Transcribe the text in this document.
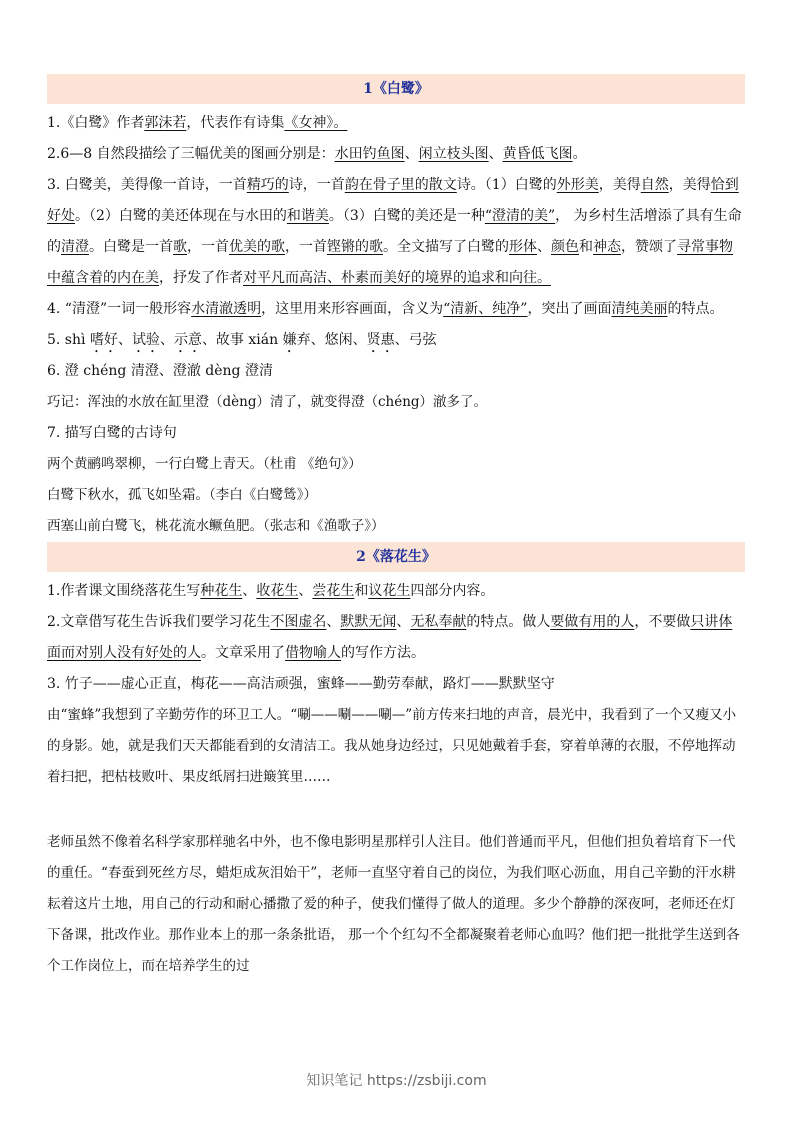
1《白鹭》

1.《白鹭》作者郭沫若，代表作有诗集《女神》。

2.6—8 自然段描绘了三幅优美的图画分别是：水田钓鱼图、闲立枝头图、黄昏低飞图。

3. 白鹭美，美得像一首诗，一首精巧的诗，一首韵在骨子里的散文诗。（1）白鹭的外形美，美得自然，美得恰到好处。（2）白鹭的美还体现在与水田的和谐美。（3）白鹭的美还是一种“澄清的美”， 为乡村生活增添了具有生命的清澄。白鹭是一首歌，一首优美的歌，一首铿锵的歌。全文描写了白鹭的形体、颜色和神态，赞颂了寻常事物中蕴含着的内在美，抒发了作者对平凡而高洁、朴素而美好的境界的追求和向往。

4. “清澄”一词一般形容水清澈透明，这里用来形容画面，含义为“清新、纯净”，突出了画面清纯美丽的特点。

5. shì 嗜好、试验、示意、故事 xián 嫌弃、悠闲、贤惠、弓弦

6. 澄 chéng 清澄、澄澈 dèng 澄清

巧记：浑浊的水放在缸里澄（dèng）清了，就变得澄（chéng）澈多了。

7. 描写白鹭的古诗句

两个黄鹂鸣翠柳，一行白鹭上青天。（杜甫 《绝句》）

白鹭下秋水，孤飞如坠霜。（李白《白鹭鸶》）

西塞山前白鹭飞，桃花流水鳜鱼肥。（张志和《渔歌子》）

2《落花生》

1.作者课文围绕落花生写种花生、收花生、尝花生和议花生四部分内容。

2.文章借写花生告诉我们要学习花生不图虚名、默默无闻、无私奉献的特点。做人要做有用的人，不要做只讲体面而对别人没有好处的人。文章采用了借物喻人的写作方法。

3. 竹子——虚心正直，梅花——高洁顽强，蜜蜂——勤劳奉献，路灯——默默坚守

由“蜜蜂”我想到了辛勤劳作的环卫工人。“唰——唰——唰—”前方传来扫地的声音，晨光中，我看到了一个又瘦又小的身影。她，就是我们天天都能看到的女清洁工。我从她身边经过，只见她戴着手套，穿着单薄的衣服，不停地挥动着扫把，把枯枝败叶、果皮纸屑扫进簸箕里……

老师虽然不像着名科学家那样驰名中外，也不像电影明星那样引人注目。他们普通而平凡，但他们担负着培育下一代的重任。“春蚕到死丝方尽，蜡炬成灰泪始干”，老师一直坚守着自己的岗位，为我们呕心沥血，用自己辛勤的汗水耕耘着这片土地，用自己的行动和耐心播撒了爱的种子，使我们懂得了做人的道理。多少个静静的深夜呵，老师还在灯下备课，批改作业。那作业本上的那一条条批语， 那一个个红勾不全都凝聚着老师心血吗？他们把一批批学生送到各个工作岗位上，而在培养学生的过

知识笔记 https://zsbiji.com
